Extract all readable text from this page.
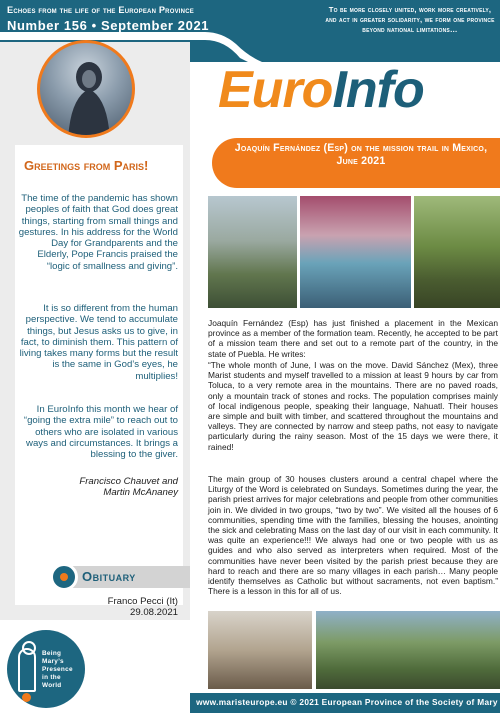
Echoes from the life of the European Province
Number 156 • September 2021
To be more closely united, work more creatively, and act in greater solidarity, we form one province beyond national limitations…
Greetings from Paris!
The time of the pandemic has shown peoples of faith that God does great things, starting from small things and gestures. In his address for the World Day for Grandparents and the Elderly, Pope Francis praised the “logic of smallness and giving”.
It is so different from the human perspective. We tend to accumulate things, but Jesus asks us to give, in fact, to diminish them. This pattern of living takes many forms but the result is the same in God’s eyes, he multiplies!
In EuroInfo this month we hear of “going the extra mile” to reach out to others who are isolated in various ways and circumstances. It brings a blessing to the giver.
Francisco Chauvet and
Martin McAnaney
Obituary
Franco Pecci (It)
29.08.2021
Being
Mary’s
Presence
in the
World
EuroInfo
Joaquín Fernández (Esp) on the mission trail in Mexico, June 2021
Joaquín Fernández (Esp) has just finished a placement in the Mexican province as a member of the formation team. Recently, he accepted to be part of a mission team there and set out to a remote part of the country, in the state of Puebla. He writes:
“The whole month of June, I was on the move. David Sánchez (Mex), three Marist students and myself travelled to a mission at least 9 hours by car from Toluca, to a very remote area in the mountains. There are no paved roads, only a mountain track of stones and rocks. The population comprises mainly of local indigenous people, speaking their language, Nahuatl. Their houses are simple and built with timber, and scattered throughout the mountains and valleys. They are connected by narrow and steep paths, not easy to navigate particularly during the rainy season. Most of the 15 days we were there, it rained!
The main group of 30 houses clusters around a central chapel where the Liturgy of the Word is celebrated on Sundays. Sometimes during the year, the parish priest arrives for major celebrations and people from other communities join in. We divided in two groups, “two by two”. We visited all the houses of 6 communities, spending time with the families, blessing the houses, anointing the sick and celebrating Mass on the last day of our visit in each community. It was quite an experience!!! We always had one or two people with us as guides and who also served as interpreters when required. Most of the communities have never been visited by the parish priest because they are hard to reach and there are so many villages in each parish… Many people identify themselves as Catholic but without sacraments, not even baptism.” There is a lesson in this for all of us.
www.maristeurope.eu © 2021 European Province of the Society of Mary
